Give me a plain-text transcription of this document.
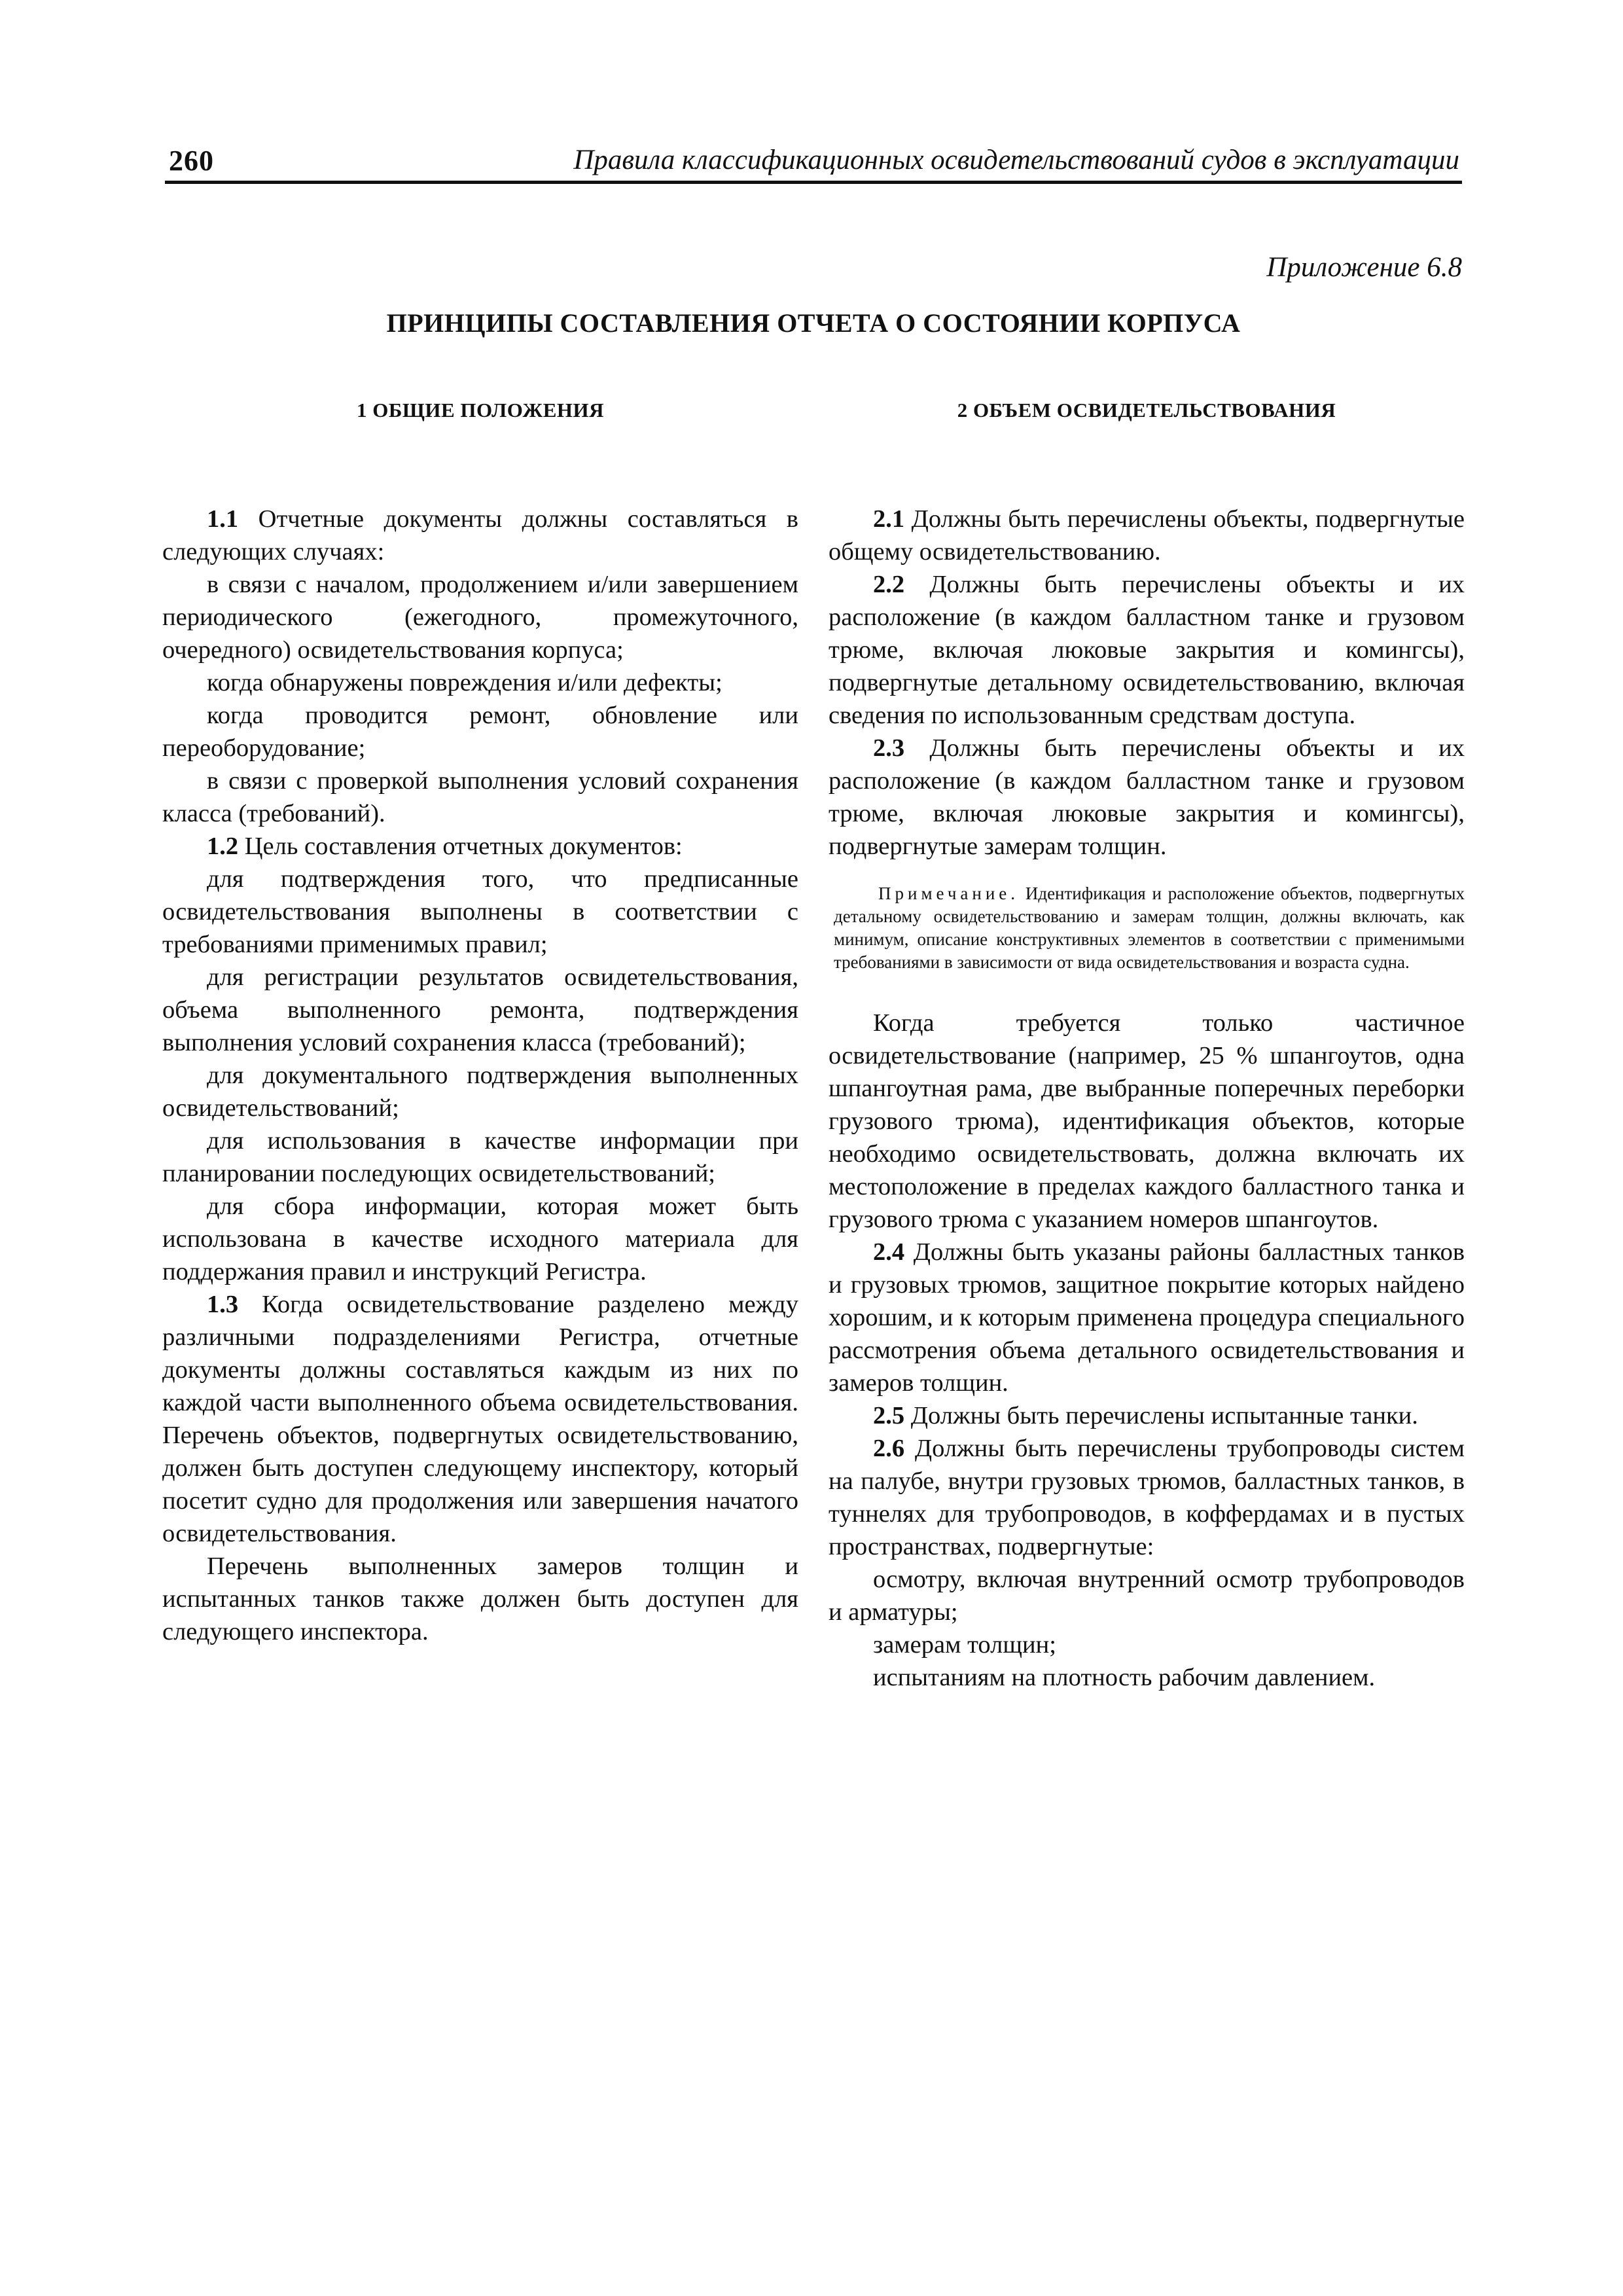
260	Правила классификационных освидетельствований судов в эксплуатации
Приложение 6.8
ПРИНЦИПЫ СОСТАВЛЕНИЯ ОТЧЕТА О СОСТОЯНИИ КОРПУСА
1 ОБЩИЕ ПОЛОЖЕНИЯ

1.1 Отчетные документы должны составляться в следующих случаях:

в связи с началом, продолжением и/или завершением периодического (ежегодного, промежуточного, очередного) освидетельствования корпуса;

когда обнаружены повреждения и/или дефекты;

когда проводится ремонт, обновление или переоборудование;

в связи с проверкой выполнения условий сохранения класса (требований).

1.2 Цель составления отчетных документов:

для подтверждения того, что предписанные освидетельствования выполнены в соответствии с требованиями применимых правил;

для регистрации результатов освидетельствования, объема выполненного ремонта, подтверждения выполнения условий сохранения класса (требований);

для документального подтверждения выполненных освидетельствований;

для использования в качестве информации при планировании последующих освидетельствований;

для сбора информации, которая может быть использована в качестве исходного материала для поддержания правил и инструкций Регистра.

1.3 Когда освидетельствование разделено между различными подразделениями Регистра, отчетные документы должны составляться каждым из них по каждой части выполненного объема освидетельствования. Перечень объектов, подвергнутых освидетельствованию, должен быть доступен следующему инспектору, который посетит судно для продолжения или завершения начатого освидетельствования.

Перечень выполненных замеров толщин и испытанных танков также должен быть доступен для следующего инспектора.

2 ОБЪЕМ ОСВИДЕТЕЛЬСТВОВАНИЯ

2.1 Должны быть перечислены объекты, подвергнутые общему освидетельствованию.

2.2 Должны быть перечислены объекты и их расположение (в каждом балластном танке и грузовом трюме, включая люковые закрытия и комингсы), подвергнутые детальному освидетельствованию, включая сведения по использованным средствам доступа.

2.3 Должны быть перечислены объекты и их расположение (в каждом балластном танке и грузовом трюме, включая люковые закрытия и комингсы), подвергнутые замерам толщин.

Примечание. Идентификация и расположение объектов, подвергнутых детальному освидетельствованию и замерам толщин, должны включать, как минимум, описание конструктивных элементов в соответствии с применимыми требованиями в зависимости от вида освидетельствования и возраста судна.

Когда требуется только частичное освидетельствование (например, 25 % шпангоутов, одна шпангоутная рама, две выбранные поперечных переборки грузового трюма), идентификация объектов, которые необходимо освидетельствовать, должна включать их местоположение в пределах каждого балластного танка и грузового трюма с указанием номеров шпангоутов.

2.4 Должны быть указаны районы балластных танков и грузовых трюмов, защитное покрытие которых найдено хорошим, и к которым применена процедура специального рассмотрения объема детального освидетельствования и замеров толщин.

2.5 Должны быть перечислены испытанные танки.

2.6 Должны быть перечислены трубопроводы систем на палубе, внутри грузовых трюмов, балластных танков, в туннелях для трубопроводов, в коффердамах и в пустых пространствах, подвергнутые:

осмотру, включая внутренний осмотр трубопроводов и арматуры;

замерам толщин;

испытаниям на плотность рабочим давлением.
